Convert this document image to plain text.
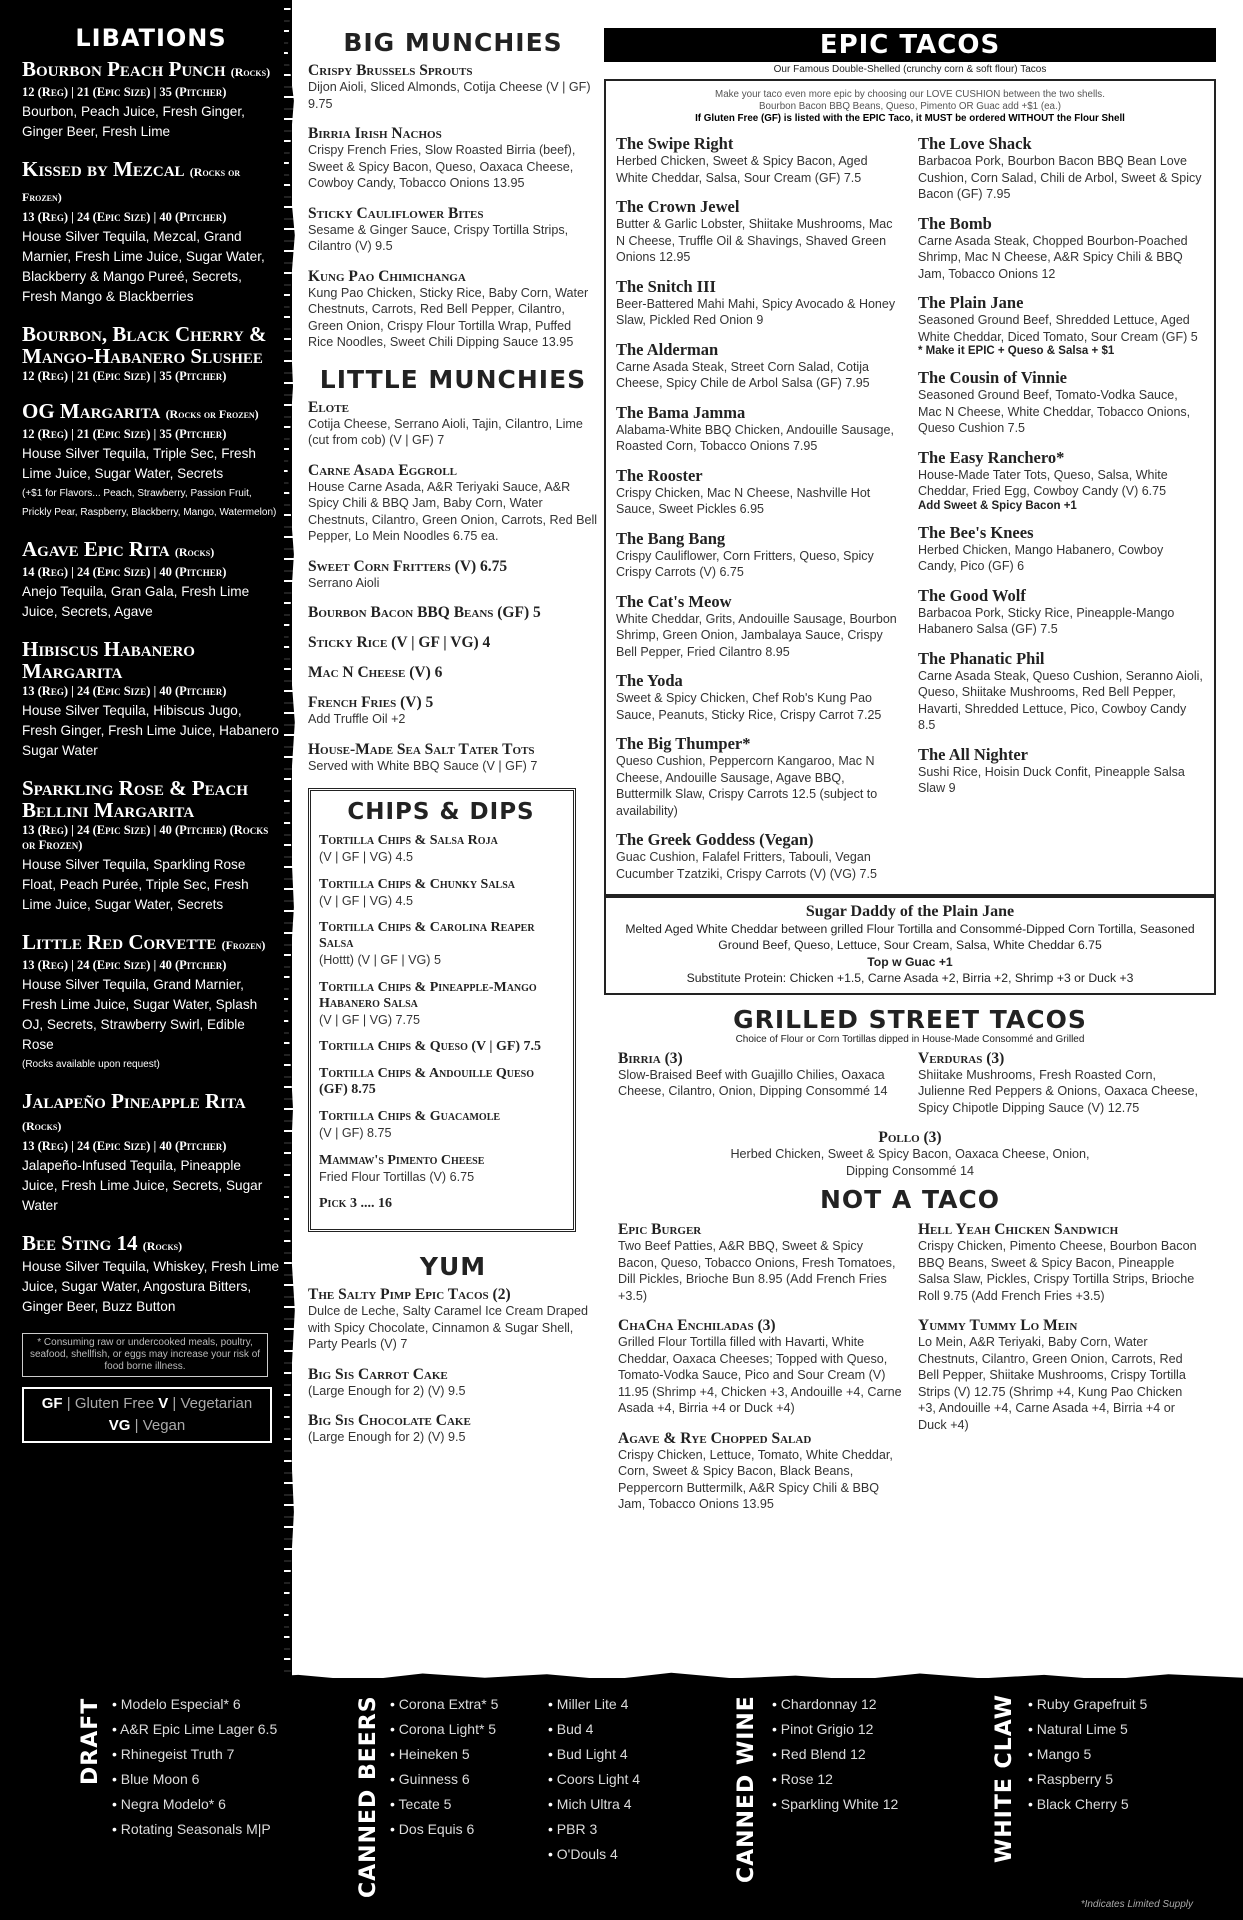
LIBATIONS
Bourbon Peach Punch (Rocks)
12 (Reg) | 21 (Epic Size) | 35 (Pitcher)
Bourbon, Peach Juice, Fresh Ginger, Ginger Beer, Fresh Lime
Kissed by Mezcal (Rocks or Frozen)
13 (Reg) | 24 (Epic Size) | 40 (Pitcher)
House Silver Tequila, Mezcal, Grand Marnier, Fresh Lime Juice, Sugar Water, Blackberry & Mango Pureé, Secrets, Fresh Mango & Blackberries
Bourbon, Black Cherry & Mango-Habanero Slushee
12 (Reg) | 21 (Epic Size) | 35 (Pitcher)
OG Margarita (Rocks or Frozen)
12 (Reg) | 21 (Epic Size) | 35 (Pitcher)
House Silver Tequila, Triple Sec, Fresh Lime Juice, Sugar Water, Secrets
(+$1 for Flavors... Peach, Strawberry, Passion Fruit, Prickly Pear, Raspberry, Blackberry, Mango, Watermelon)
Agave Epic Rita (Rocks)
14 (Reg) | 24 (Epic Size) | 40 (Pitcher)
Anejo Tequila, Gran Gala, Fresh Lime Juice, Secrets, Agave
Hibiscus Habanero Margarita
13 (Reg) | 24 (Epic Size) | 40 (Pitcher)
House Silver Tequila, Hibiscus Jugo, Fresh Ginger, Fresh Lime Juice, Habanero Sugar Water
Sparkling Rose & Peach Bellini Margarita
13 (Reg) | 24 (Epic Size) | 40 (Pitcher) (Rocks or Frozen)
House Silver Tequila, Sparkling Rose Float, Peach Purée, Triple Sec, Fresh Lime Juice, Sugar Water, Secrets
Little Red Corvette (Frozen)
13 (Reg) | 24 (Epic Size) | 40 (Pitcher)
House Silver Tequila, Grand Marnier, Fresh Lime Juice, Sugar Water, Splash OJ, Secrets, Strawberry Swirl, Edible Rose
(Rocks available upon request)
Jalapeño Pineapple Rita (Rocks)
13 (Reg) | 24 (Epic Size) | 40 (Pitcher)
Jalapeño-Infused Tequila, Pineapple Juice, Fresh Lime Juice, Secrets, Sugar Water
Bee Sting 14 (Rocks)
House Silver Tequila, Whiskey, Fresh Lime Juice, Sugar Water, Angostura Bitters, Ginger Beer, Buzz Button
* Consuming raw or undercooked meals, poultry, seafood, shellfish, or eggs may increase your risk of food borne illness.
GF | Gluten Free V | Vegetarian
VG | Vegan
BIG MUNCHIES
Crispy Brussels Sprouts
Dijon Aioli, Sliced Almonds, Cotija Cheese (V | GF) 9.75
Birria Irish Nachos
Crispy French Fries, Slow Roasted Birria (beef), Sweet & Spicy Bacon, Queso, Oaxaca Cheese, Cowboy Candy, Tobacco Onions 13.95
Sticky Cauliflower Bites
Sesame & Ginger Sauce, Crispy Tortilla Strips, Cilantro (V) 9.5
Kung Pao Chimichanga
Kung Pao Chicken, Sticky Rice, Baby Corn, Water Chestnuts, Carrots, Red Bell Pepper, Cilantro, Green Onion, Crispy Flour Tortilla Wrap, Puffed Rice Noodles, Sweet Chili Dipping Sauce 13.95
LITTLE MUNCHIES
Elote
Cotija Cheese, Serrano Aioli, Tajin, Cilantro, Lime (cut from cob) (V | GF) 7
Carne Asada Eggroll
House Carne Asada, A&R Teriyaki Sauce, A&R Spicy Chili & BBQ Jam, Baby Corn, Water Chestnuts, Cilantro, Green Onion, Carrots, Red Bell Pepper, Lo Mein Noodles 6.75 ea.
Sweet Corn Fritters (V) 6.75
Serrano Aioli
Bourbon Bacon BBQ Beans (GF) 5
Sticky Rice (V | GF | VG) 4
Mac N Cheese (V) 6
French Fries (V) 5
Add Truffle Oil +2
House-Made Sea Salt Tater Tots
Served with White BBQ Sauce (V | GF) 7
CHIPS & DIPS
Tortilla Chips & Salsa Roja
(V | GF | VG) 4.5
Tortilla Chips & Chunky Salsa
(V | GF | VG) 4.5
Tortilla Chips & Carolina Reaper Salsa
(Hottt) (V | GF | VG) 5
Tortilla Chips & Pineapple-Mango Habanero Salsa
(V | GF | VG) 7.75
Tortilla Chips & Queso (V | GF) 7.5
Tortilla Chips & Andouille Queso (GF) 8.75
Tortilla Chips & Guacamole
(V | GF) 8.75
Mammaw's Pimento Cheese
Fried Flour Tortillas (V) 6.75
Pick 3 .... 16
YUM
The Salty Pimp Epic Tacos (2)
Dulce de Leche, Salty Caramel Ice Cream Draped with Spicy Chocolate, Cinnamon & Sugar Shell, Party Pearls (V) 7
Big Sis Carrot Cake
(Large Enough for 2) (V) 9.5
Big Sis Chocolate Cake
(Large Enough for 2) (V) 9.5
EPIC TACOS
Our Famous Double-Shelled (crunchy corn & soft flour) Tacos
Make your taco even more epic by choosing our LOVE CUSHION between the two shells.
Bourbon Bacon BBQ Beans, Queso, Pimento OR Guac add +$1 (ea.)
If Gluten Free (GF) is listed with the EPIC Taco, it MUST be ordered WITHOUT the Flour Shell
The Swipe Right
Herbed Chicken, Sweet & Spicy Bacon, Aged White Cheddar, Salsa, Sour Cream (GF) 7.5
The Crown Jewel
Butter & Garlic Lobster, Shiitake Mushrooms, Mac N Cheese, Truffle Oil & Shavings, Shaved Green Onions 12.95
The Snitch III
Beer-Battered Mahi Mahi, Spicy Avocado & Honey Slaw, Pickled Red Onion 9
The Alderman
Carne Asada Steak, Street Corn Salad, Cotija Cheese, Spicy Chile de Arbol Salsa (GF) 7.95
The Bama Jamma
Alabama-White BBQ Chicken, Andouille Sausage, Roasted Corn, Tobacco Onions 7.95
The Rooster
Crispy Chicken, Mac N Cheese, Nashville Hot Sauce, Sweet Pickles 6.95
The Bang Bang
Crispy Cauliflower, Corn Fritters, Queso, Spicy Crispy Carrots (V) 6.75
The Cat's Meow
White Cheddar, Grits, Andouille Sausage, Bourbon Shrimp, Green Onion, Jambalaya Sauce, Crispy Bell Pepper, Fried Cilantro 8.95
The Yoda
Sweet & Spicy Chicken, Chef Rob's Kung Pao Sauce, Peanuts, Sticky Rice, Crispy Carrot 7.25
The Big Thumper*
Queso Cushion, Peppercorn Kangaroo, Mac N Cheese, Andouille Sausage, Agave BBQ, Buttermilk Slaw, Crispy Carrots 12.5 (subject to availability)
The Greek Goddess (Vegan)
Guac Cushion, Falafel Fritters, Tabouli, Vegan Cucumber Tzatziki, Crispy Carrots (V) (VG) 7.5
The Love Shack
Barbacoa Pork, Bourbon Bacon BBQ Bean Love Cushion, Corn Salad, Chili de Arbol, Sweet & Spicy Bacon (GF) 7.95
The Bomb
Carne Asada Steak, Chopped Bourbon-Poached Shrimp, Mac N Cheese, A&R Spicy Chili & BBQ Jam, Tobacco Onions 12
The Plain Jane
Seasoned Ground Beef, Shredded Lettuce, Aged White Cheddar, Diced Tomato, Sour Cream (GF) 5
* Make it EPIC + Queso & Salsa + $1
The Cousin of Vinnie
Seasoned Ground Beef, Tomato-Vodka Sauce, Mac N Cheese, White Cheddar, Tobacco Onions, Queso Cushion 7.5
The Easy Ranchero*
House-Made Tater Tots, Queso, Salsa, White Cheddar, Fried Egg, Cowboy Candy (V) 6.75
Add Sweet & Spicy Bacon +1
The Bee's Knees
Herbed Chicken, Mango Habanero, Cowboy Candy, Pico (GF) 6
The Good Wolf
Barbacoa Pork, Sticky Rice, Pineapple-Mango Habanero Salsa (GF) 7.5
The Phanatic Phil
Carne Asada Steak, Queso Cushion, Seranno Aioli, Queso, Shiitake Mushrooms, Red Bell Pepper, Havarti, Shredded Lettuce, Pico, Cowboy Candy 8.5
The All Nighter
Sushi Rice, Hoisin Duck Confit, Pineapple Salsa Slaw 9
Sugar Daddy of the Plain Jane
Melted Aged White Cheddar between grilled Flour Tortilla and Consommé-Dipped Corn Tortilla, Seasoned Ground Beef, Queso, Lettuce, Sour Cream, Salsa, White Cheddar 6.75
Top w Guac +1
Substitute Protein: Chicken +1.5, Carne Asada +2, Birria +2, Shrimp +3 or Duck +3
GRILLED STREET TACOS
Choice of Flour or Corn Tortillas dipped in House-Made Consommé and Grilled
Birria (3)
Slow-Braised Beef with Guajillo Chilies, Oaxaca Cheese, Cilantro, Onion, Dipping Consommé 14
Verduras (3)
Shiitake Mushrooms, Fresh Roasted Corn, Julienne Red Peppers & Onions, Oaxaca Cheese, Spicy Chipotle Dipping Sauce (V) 12.75
Pollo (3)
Herbed Chicken, Sweet & Spicy Bacon, Oaxaca Cheese, Onion, Dipping Consommé 14
NOT A TACO
Epic Burger
Two Beef Patties, A&R BBQ, Sweet & Spicy Bacon, Queso, Tobacco Onions, Fresh Tomatoes, Dill Pickles, Brioche Bun 8.95 (Add French Fries +3.5)
ChaCha Enchiladas (3)
Grilled Flour Tortilla filled with Havarti, White Cheddar, Oaxaca Cheeses; Topped with Queso, Tomato-Vodka Sauce, Pico and Sour Cream (V) 11.95 (Shrimp +4, Chicken +3, Andouille +4, Carne Asada +4, Birria +4 or Duck +4)
Agave & Rye Chopped Salad
Crispy Chicken, Lettuce, Tomato, White Cheddar, Corn, Sweet & Spicy Bacon, Black Beans, Peppercorn Buttermilk, A&R Spicy Chili & BBQ Jam, Tobacco Onions 13.95
Hell Yeah Chicken Sandwich
Crispy Chicken, Pimento Cheese, Bourbon Bacon BBQ Beans, Sweet & Spicy Bacon, Pineapple Salsa Slaw, Pickles, Crispy Tortilla Strips, Brioche Roll 9.75 (Add French Fries +3.5)
Yummy Tummy Lo Mein
Lo Mein, A&R Teriyaki, Baby Corn, Water Chestnuts, Cilantro, Green Onion, Carrots, Red Bell Pepper, Shiitake Mushrooms, Crispy Tortilla Strips (V) 12.75 (Shrimp +4, Kung Pao Chicken +3, Andouille +4, Carne Asada +4, Birria +4 or Duck +4)
DRAFT	• Modelo Especial* 6
• A&R Epic Lime Lager 6.5
• Rhinegeist Truth 7
• Blue Moon 6
• Negra Modelo* 6
• Rotating Seasonals M|P	CANNED BEERS	• Corona Extra* 5
• Corona Light* 5
• Heineken 5
• Guinness 6
• Tecate 5
• Dos Equis 6
• Miller Lite 4
• Bud 4
• Bud Light 4
• Coors Light 4
• Mich Ultra 4
• PBR 3
• O'Douls 4	CANNED WINE	• Chardonnay 12
• Pinot Grigio 12
• Red Blend 12
• Rose 12
• Sparkling White 12	WHITE CLAW	• Ruby Grapefruit 5
• Natural Lime 5
• Mango 5
• Raspberry 5
• Black Cherry 5
*Indicates Limited Supply
